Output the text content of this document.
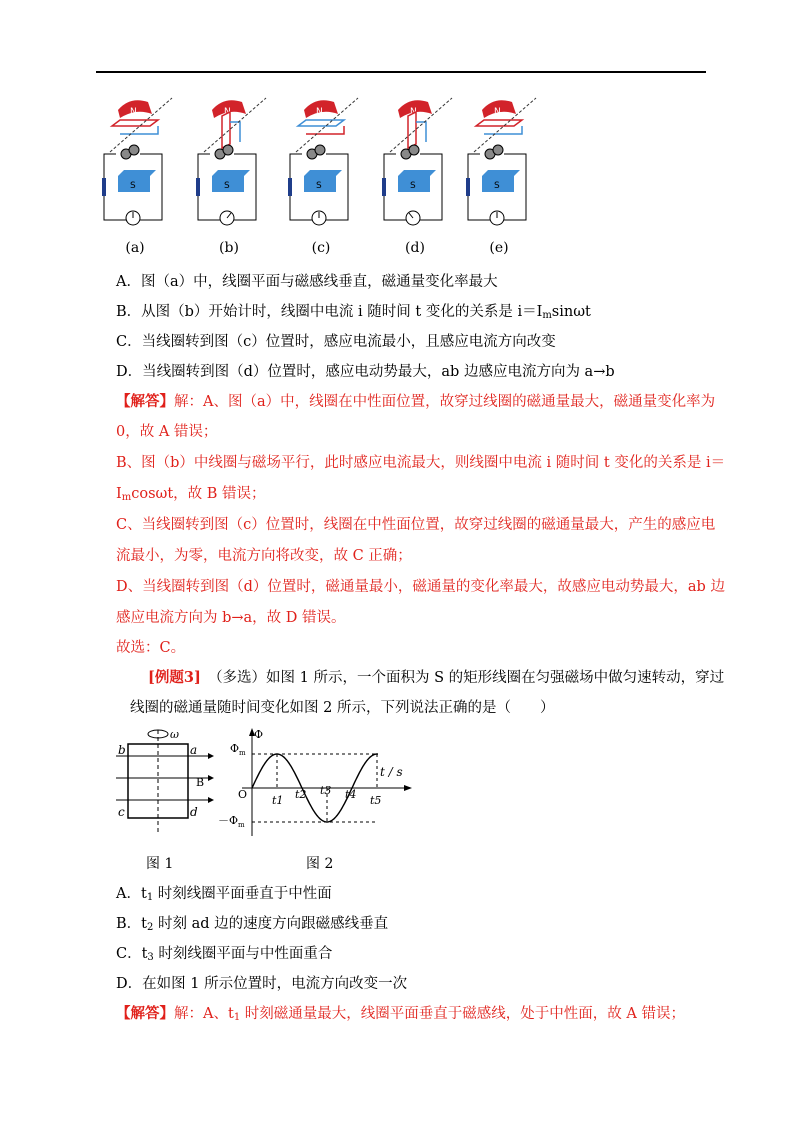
N
S
(a)
N
S
(b)
N
S
(c)
N
S
(d)
N
S
(e)
A．图（a）中，线圈平面与磁感线垂直，磁通量变化率最大
B．从图（b）开始计时，线圈中电流 i 随时间 t 变化的关系是 $i=I_m\sin\omega t$
C．当线圈转到图（c）位置时，感应电流最小，且感应电流方向改变
D．当线圈转到图（d）位置时，感应电动势最大，ab 边感应电流方向为 a→b
【解答】解：A、图（a）中，线圈在中性面位置，故穿过线圈的磁通量最大，磁通量变化率为
0，故 A 错误；
B、图（b）中线圈与磁场平行，此时感应电流最大，则线圈中电流 i 随时间 t 变化的关系是 i＝
$I_m\cos\omega t$，故 B 错误；
C、当线圈转到图（c）位置时，线圈在中性面位置，故穿过线圈的磁通量最大，产生的感应电
流最小，为零，电流方向将改变，故 C 正确；
D、当线圈转到图（d）位置时，磁通量最小，磁通量的变化率最大，故感应电动势最大，ab 边
感应电流方向为 b→a，故 D 错误。
故选：C。
[例题3]　 （多选）如图 1 所示，一个面积为 S 的矩形线圈在匀强磁场中做匀速转动，穿过
线圈的磁通量随时间变化如图 2 所示，下列说法正确的是（　　）
b	a
c	d
B
ω
图 1
Φ
t / s
O
$\Phi_m$
$-\Phi_m$
t1 t2 t3 t4 t5
图 2
A．$t_1$ 时刻线圈平面垂直于中性面
B．$t_2$ 时刻 ad 边的速度方向跟磁感线垂直
C．$t_3$ 时刻线圈平面与中性面重合
D．在如图 1 所示位置时，电流方向改变一次
【解答】解：A、$t_1$ 时刻磁通量最大，线圈平面垂直于磁感线，处于中性面，故 A 错误；
